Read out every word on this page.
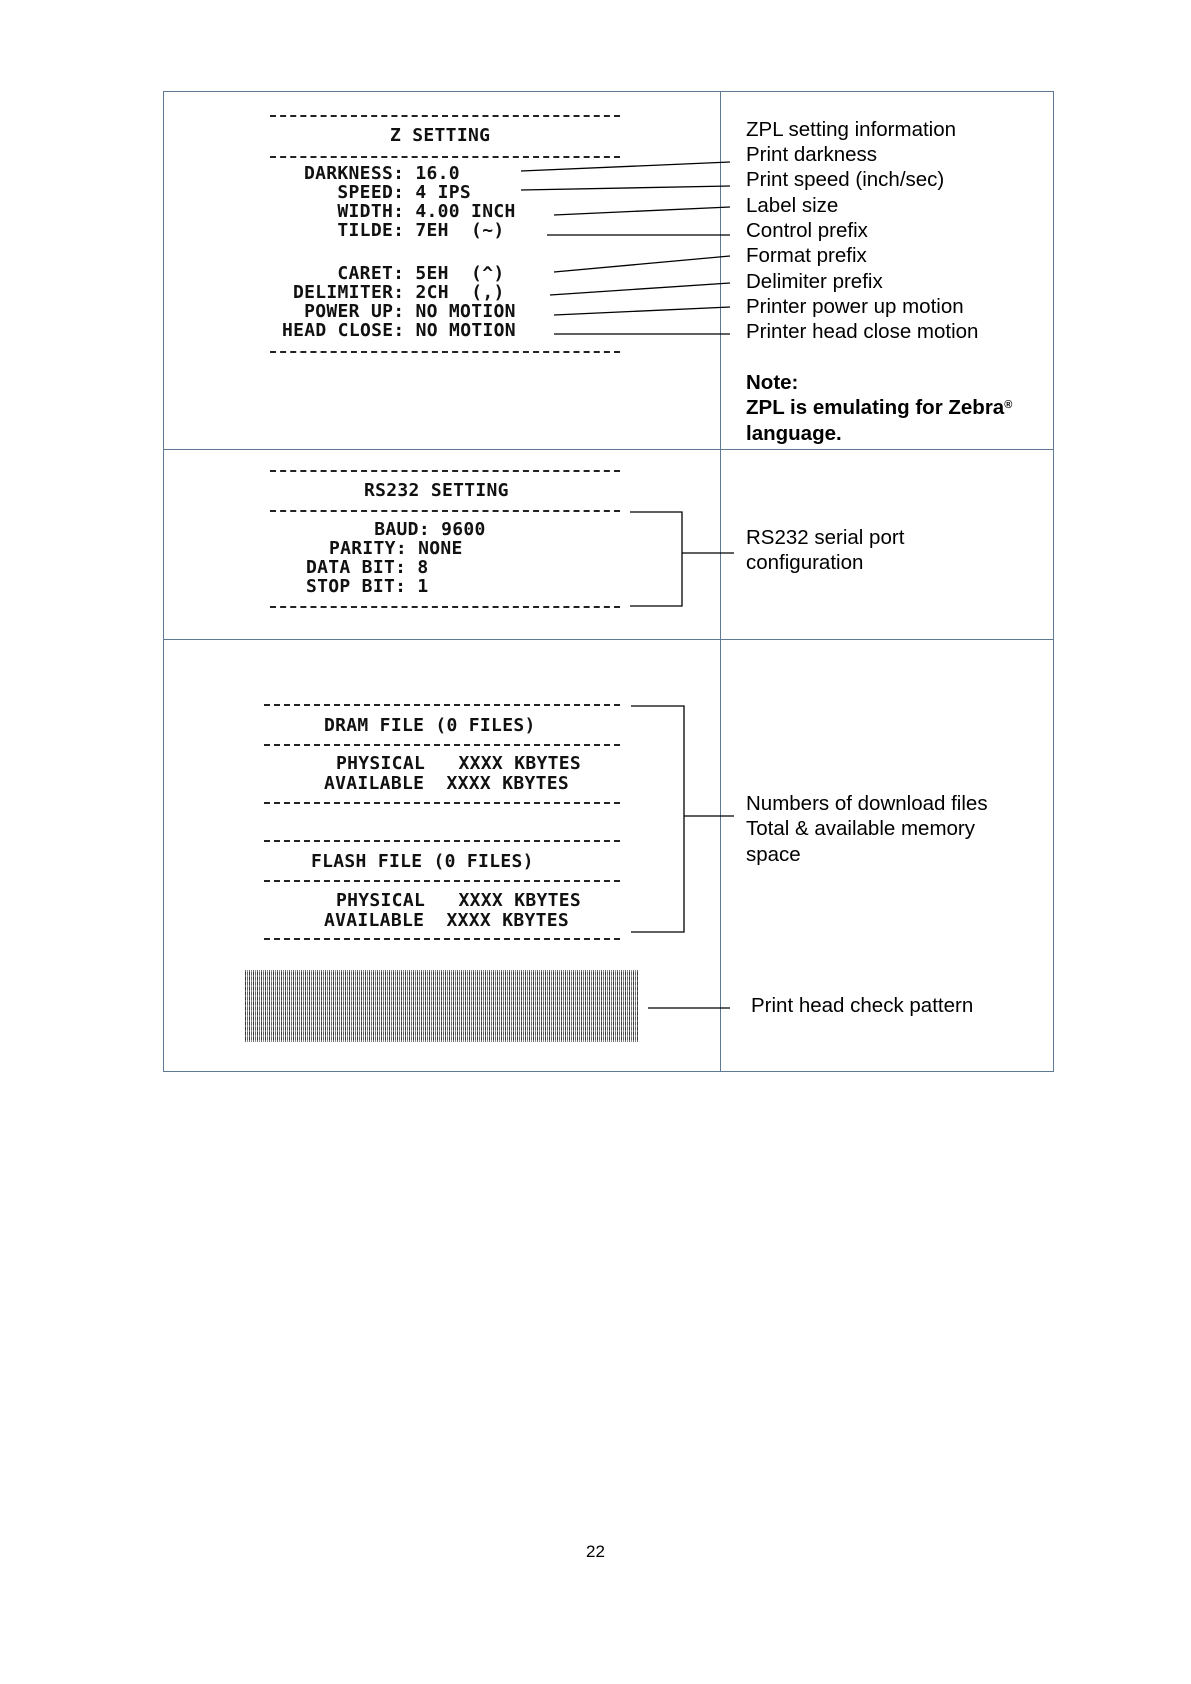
Z SETTING
DARKNESS: 16.0
SPEED: 4 IPS
WIDTH: 4.00 INCH
TILDE: 7EH  (~)
CARET: 5EH  (^)
DELIMITER: 2CH  (,)
POWER UP: NO MOTION
HEAD CLOSE: NO MOTION
ZPL setting information
Print darkness
Print speed (inch/sec)
Label size
Control prefix
Format prefix
Delimiter prefix
Printer power up motion
Printer head close motion
Note:
ZPL is emulating for Zebra®
language.
RS232 SETTING
BAUD: 9600
PARITY: NONE
DATA BIT: 8
STOP BIT: 1
RS232 serial port
configuration
DRAM FILE (0 FILES)
PHYSICAL   XXXX KBYTES
AVAILABLE  XXXX KBYTES
FLASH FILE (0 FILES)
PHYSICAL   XXXX KBYTES
AVAILABLE  XXXX KBYTES
Numbers of download files
Total & available memory
space
Print head check pattern
22
